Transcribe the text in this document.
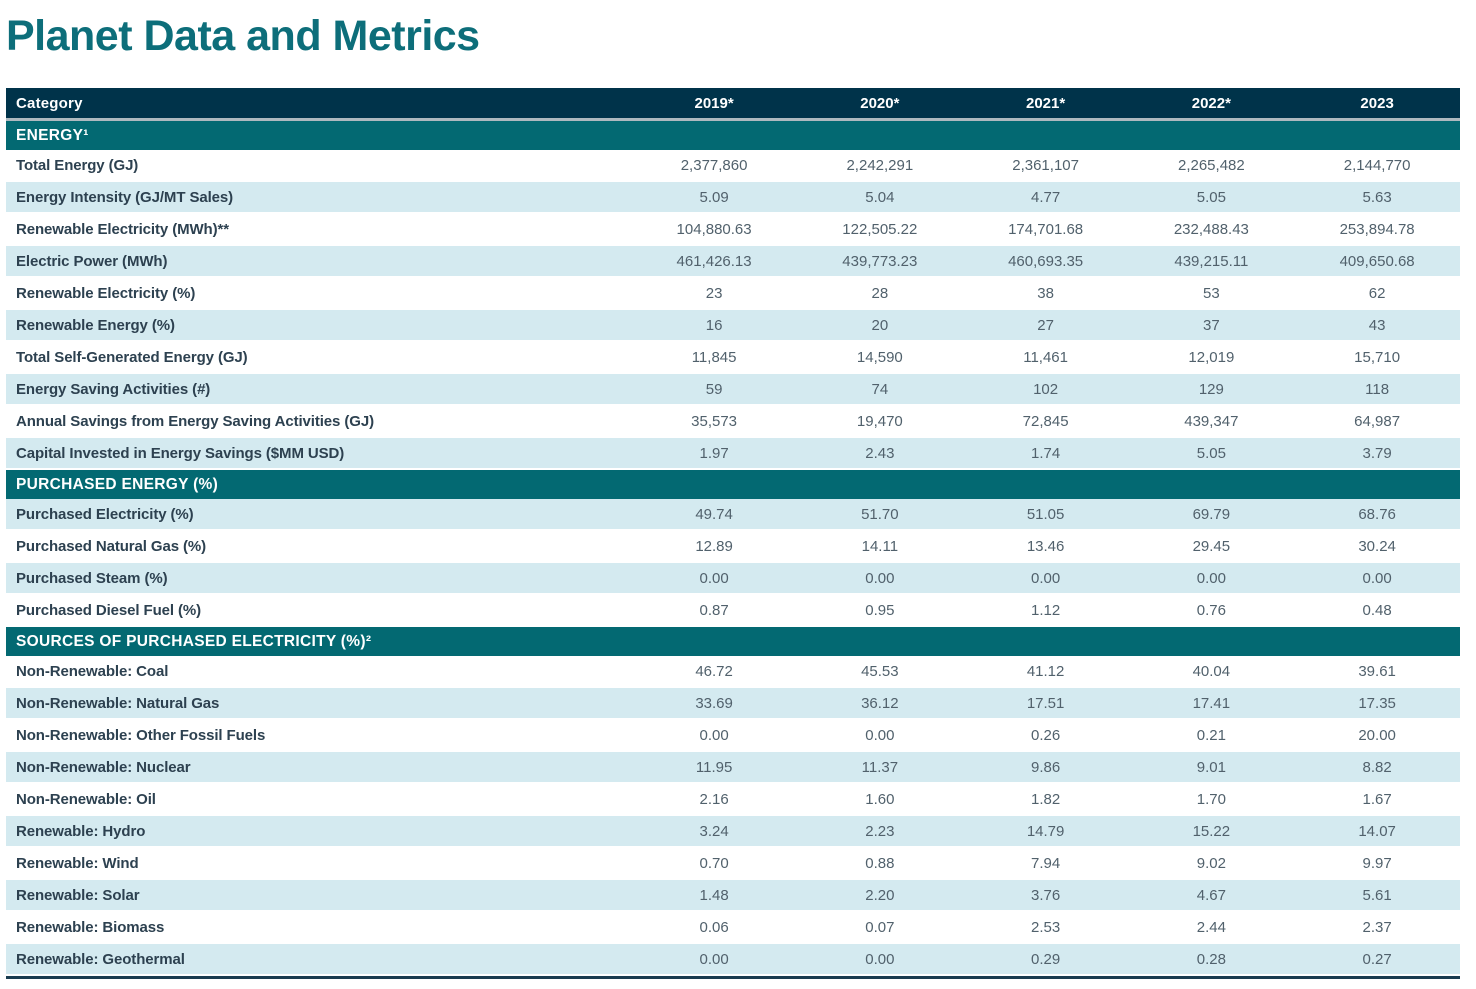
Planet Data and Metrics
Category	2019*	2020*	2021*	2022*	2023
ENERGY¹
Total Energy (GJ)	2,377,860	2,242,291	2,361,107	2,265,482	2,144,770
Energy Intensity (GJ/MT Sales)	5.09	5.04	4.77	5.05	5.63
Renewable Electricity (MWh)**	104,880.63	122,505.22	174,701.68	232,488.43	253,894.78
Electric Power (MWh)	461,426.13	439,773.23	460,693.35	439,215.11	409,650.68
Renewable Electricity (%)	23	28	38	53	62
Renewable Energy (%)	16	20	27	37	43
Total Self-Generated Energy (GJ)	11,845	14,590	11,461	12,019	15,710
Energy Saving Activities (#)	59	74	102	129	118
Annual Savings from Energy Saving Activities (GJ)	35,573	19,470	72,845	439,347	64,987
Capital Invested in Energy Savings ($MM USD)	1.97	2.43	1.74	5.05	3.79
PURCHASED ENERGY (%)
Purchased Electricity (%)	49.74	51.70	51.05	69.79	68.76
Purchased Natural Gas (%)	12.89	14.11	13.46	29.45	30.24
Purchased Steam (%)	0.00	0.00	0.00	0.00	0.00
Purchased Diesel Fuel (%)	0.87	0.95	1.12	0.76	0.48
SOURCES OF PURCHASED ELECTRICITY (%)²
Non-Renewable: Coal	46.72	45.53	41.12	40.04	39.61
Non-Renewable: Natural Gas	33.69	36.12	17.51	17.41	17.35
Non-Renewable: Other Fossil Fuels	0.00	0.00	0.26	0.21	20.00
Non-Renewable: Nuclear	11.95	11.37	9.86	9.01	8.82
Non-Renewable: Oil	2.16	1.60	1.82	1.70	1.67
Renewable: Hydro	3.24	2.23	14.79	15.22	14.07
Renewable: Wind	0.70	0.88	7.94	9.02	9.97
Renewable: Solar	1.48	2.20	3.76	4.67	5.61
Renewable: Biomass	0.06	0.07	2.53	2.44	2.37
Renewable: Geothermal	0.00	0.00	0.29	0.28	0.27
